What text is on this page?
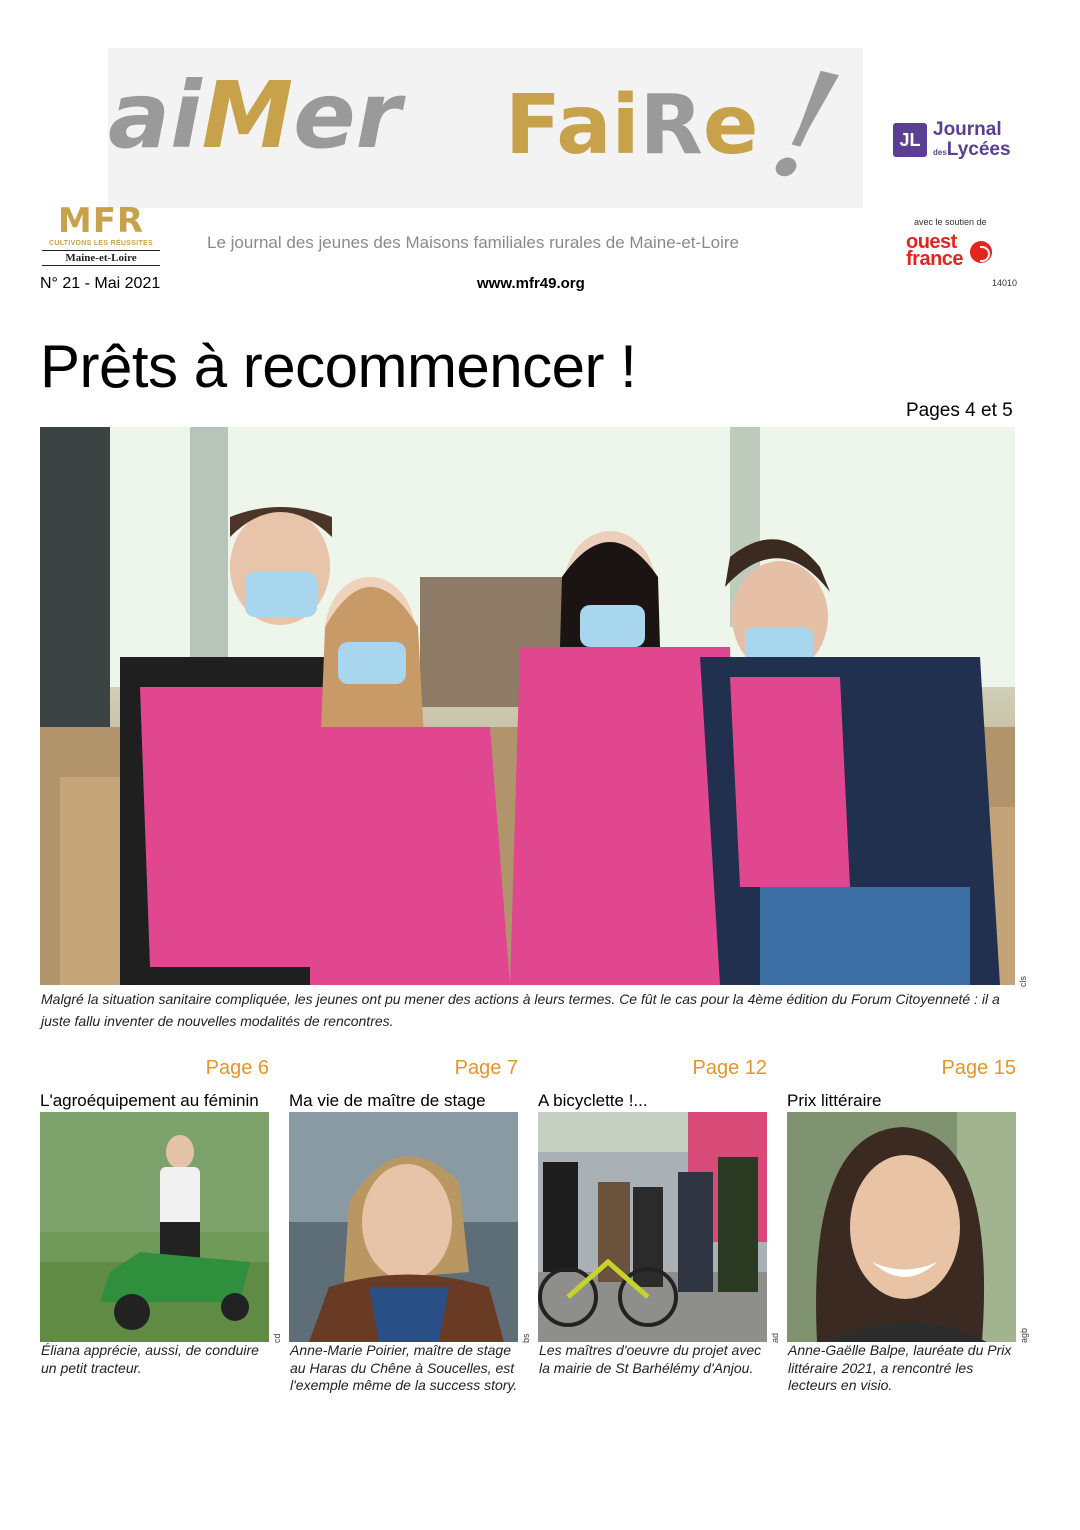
aiMer FaiRe
!
MFR
CULTIVONS LES RÉUSSITES
Maine-et-Loire
Le journal des jeunes des Maisons familiales rurales de Maine-et-Loire
JL Journal
desLycées
avec le soutien de
ouest
france
14010
N° 21 - Mai 2021	www.mfr49.org
Prêts à recommencer !
Pages 4 et 5
cls
Malgré la situation sanitaire compliquée, les jeunes ont pu mener des actions à leurs termes. Ce fût le cas pour la 4ème édition du Forum Citoyenneté : il a juste fallu inventer de nouvelles modalités de rencontres.
Page 6
L'agroéquipement au féminin
cd
Éliana apprécie, aussi, de conduire un petit tracteur.
Page 7
Ma vie de maître de stage
bs
Anne-Marie Poirier, maître de stage au Haras du Chêne à Soucelles, est l'exemple même de la success story.
Page 12
A bicyclette !...
ad
Les maîtres d'oeuvre du projet avec la mairie de St Barhélémy d'Anjou.
Page 15
Prix littéraire
agb
Anne-Gaëlle Balpe, lauréate du Prix littéraire 2021, a rencontré les lecteurs en visio.
